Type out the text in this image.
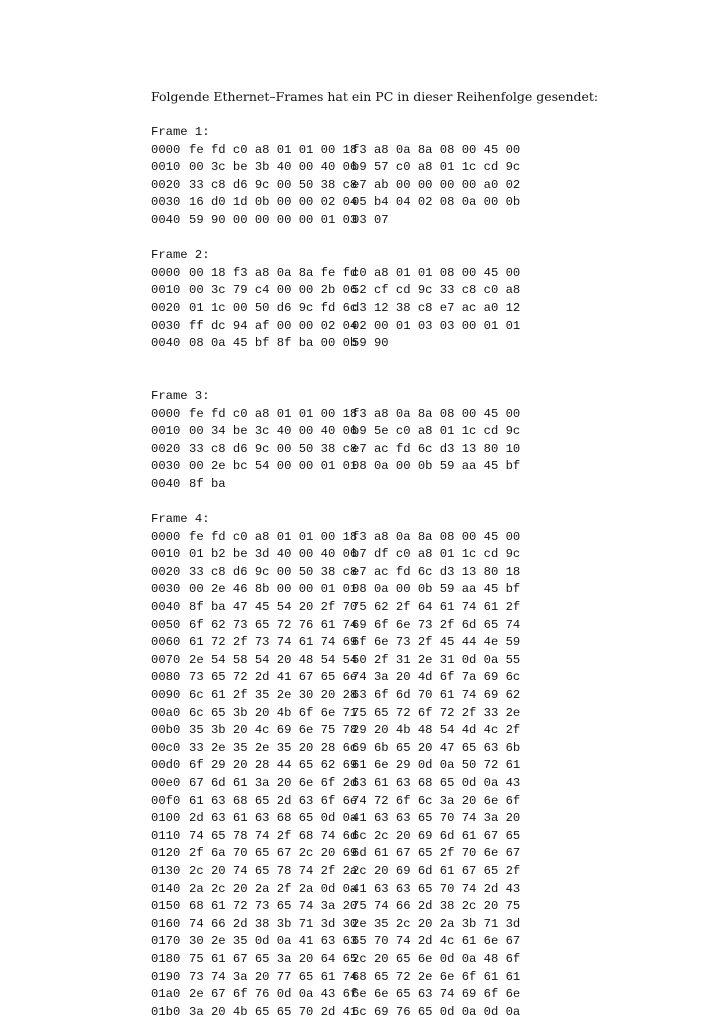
Folgende Ethernet–Frames hat ein PC in dieser Reihenfolge gesendet:
Frame 1:
0000 fe fd c0 a8 01 01 00 18
f3 a8 0a 8a 08 00 45 00
0010 00 3c be 3b 40 00 40 06
b9 57 c0 a8 01 1c cd 9c
0020 33 c8 d6 9c 00 50 38 c8
e7 ab 00 00 00 00 a0 02
0030 16 d0 1d 0b 00 00 02 04
05 b4 04 02 08 0a 00 0b
0040 59 90 00 00 00 00 01 03
03 07
Frame 2:
0000 00 18 f3 a8 0a 8a fe fd
c0 a8 01 01 08 00 45 00
0010 00 3c 79 c4 00 00 2b 06
52 cf cd 9c 33 c8 c0 a8
0020 01 1c 00 50 d6 9c fd 6c
d3 12 38 c8 e7 ac a0 12
0030 ff dc 94 af 00 00 02 04
02 00 01 03 03 00 01 01
0040 08 0a 45 bf 8f ba 00 0b
59 90
Frame 3:
0000 fe fd c0 a8 01 01 00 18
f3 a8 0a 8a 08 00 45 00
0010 00 34 be 3c 40 00 40 06
b9 5e c0 a8 01 1c cd 9c
0020 33 c8 d6 9c 00 50 38 c8
e7 ac fd 6c d3 13 80 10
0030 00 2e bc 54 00 00 01 01
08 0a 00 0b 59 aa 45 bf
0040 8f ba
Frame 4:
0000 fe fd c0 a8 01 01 00 18
f3 a8 0a 8a 08 00 45 00
0010 01 b2 be 3d 40 00 40 06
b7 df c0 a8 01 1c cd 9c
0020 33 c8 d6 9c 00 50 38 c8
e7 ac fd 6c d3 13 80 18
0030 00 2e 46 8b 00 00 01 01
08 0a 00 0b 59 aa 45 bf
0040 8f ba 47 45 54 20 2f 70
75 62 2f 64 61 74 61 2f
0050 6f 62 73 65 72 76 61 74
69 6f 6e 73 2f 6d 65 74
0060 61 72 2f 73 74 61 74 69
6f 6e 73 2f 45 44 4e 59
0070 2e 54 58 54 20 48 54 54
50 2f 31 2e 31 0d 0a 55
0080 73 65 72 2d 41 67 65 6e
74 3a 20 4d 6f 7a 69 6c
0090 6c 61 2f 35 2e 30 20 28
63 6f 6d 70 61 74 69 62
00a0 6c 65 3b 20 4b 6f 6e 71
75 65 72 6f 72 2f 33 2e
00b0 35 3b 20 4c 69 6e 75 78
29 20 4b 48 54 4d 4c 2f
00c0 33 2e 35 2e 35 20 28 6c
69 6b 65 20 47 65 63 6b
00d0 6f 29 20 28 44 65 62 69
61 6e 29 0d 0a 50 72 61
00e0 67 6d 61 3a 20 6e 6f 2d
63 61 63 68 65 0d 0a 43
00f0 61 63 68 65 2d 63 6f 6e
74 72 6f 6c 3a 20 6e 6f
0100 2d 63 61 63 68 65 0d 0a
41 63 63 65 70 74 3a 20
0110 74 65 78 74 2f 68 74 6d
6c 2c 20 69 6d 61 67 65
0120 2f 6a 70 65 67 2c 20 69
6d 61 67 65 2f 70 6e 67
0130 2c 20 74 65 78 74 2f 2a
2c 20 69 6d 61 67 65 2f
0140 2a 2c 20 2a 2f 2a 0d 0a
41 63 63 65 70 74 2d 43
0150 68 61 72 73 65 74 3a 20
75 74 66 2d 38 2c 20 75
0160 74 66 2d 38 3b 71 3d 30
2e 35 2c 20 2a 3b 71 3d
0170 30 2e 35 0d 0a 41 63 63
65 70 74 2d 4c 61 6e 67
0180 75 61 67 65 3a 20 64 65
2c 20 65 6e 0d 0a 48 6f
0190 73 74 3a 20 77 65 61 74
68 65 72 2e 6e 6f 61 61
01a0 2e 67 6f 76 0d 0a 43 6f
6e 6e 65 63 74 69 6f 6e
01b0 3a 20 4b 65 65 70 2d 41
6c 69 76 65 0d 0a 0d 0a
